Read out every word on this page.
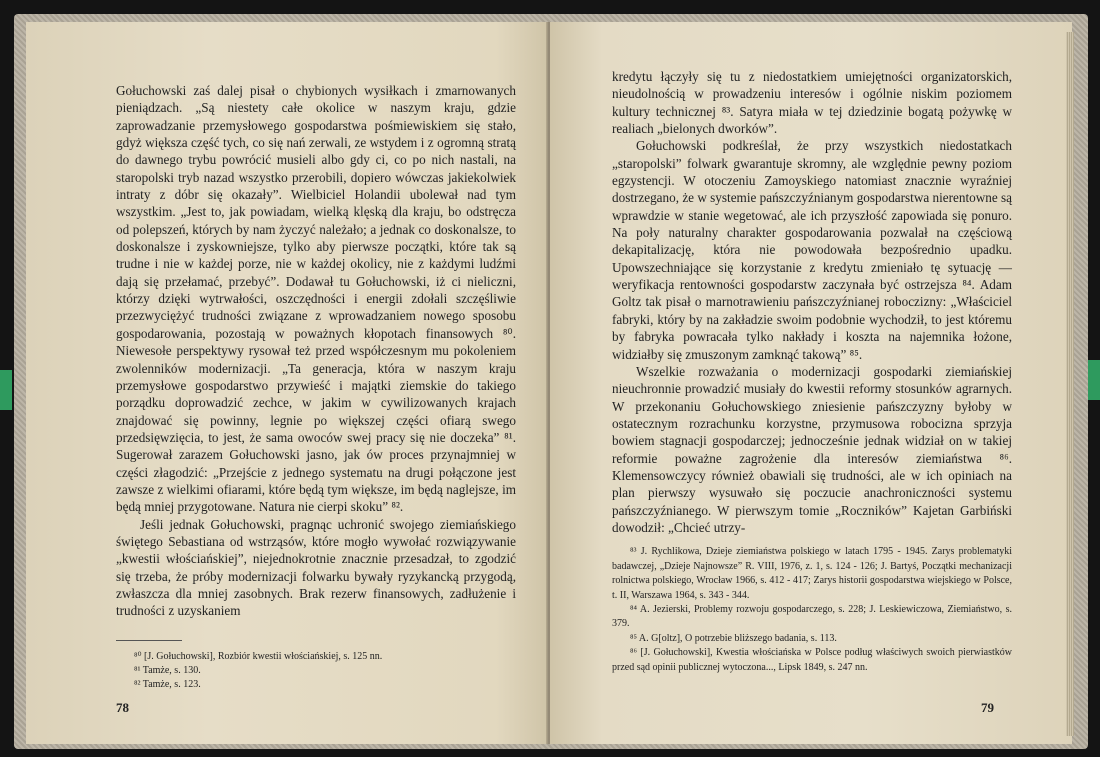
Gołuchowski zaś dalej pisał o chybionych wysiłkach i zmarnowanych pieniądzach. „Są niestety całe okolice w naszym kraju, gdzie zaprowadzanie przemysłowego gospodarstwa pośmiewiskiem się stało, gdyż większa część tych, co się nań zerwali, ze wstydem i z ogromną stratą do dawnego trybu powrócić musieli albo gdy ci, co po nich nastali, na staropolski tryb nazad wszystko przerobili, dopiero wówczas jakiekolwiek intraty z dóbr się okazały”. Wielbiciel Holandii ubolewał nad tym wszystkim. „Jest to, jak powiadam, wielką klęską dla kraju, bo odstręcza od polepszeń, których by nam życzyć należało; a jednak co doskonalsze, to doskonalsze i zyskowniejsze, tylko aby pierwsze początki, które tak są trudne i nie w każdej porze, nie w każdej okolicy, nie z każdymi ludźmi dają się przełamać, przebyć”. Dodawał tu Gołuchowski, iż ci nieliczni, którzy dzięki wytrwałości, oszczędności i energii zdołali szczęśliwie przezwyciężyć trudności związane z wprowadzaniem nowego sposobu gospodarowania, pozostają w poważnych kłopotach finansowych ⁸⁰. Niewesołe perspektywy rysował też przed współczesnym mu pokoleniem zwolenników modernizacji. „Ta generacja, która w naszym kraju przemysłowe gospodarstwo przywieść i majątki ziemskie do takiego porządku doprowadzić zechce, w jakim w cywilizowanych krajach znajdować się powinny, legnie po większej części ofiarą swego przedsięwzięcia, to jest, że sama owoców swej pracy się nie doczeka” ⁸¹. Sugerował zarazem Gołuchowski jasno, jak ów proces przynajmniej w części złagodzić: „Przejście z jednego systematu na drugi połączone jest zawsze z wielkimi ofiarami, które będą tym większe, im będą naglejsze, im będą mniej przygotowane. Natura nie cierpi skoku” ⁸².

Jeśli jednak Gołuchowski, pragnąc uchronić swojego ziemiańskiego świętego Sebastiana od wstrząsów, które mogło wywołać rozwiązywanie „kwestii włościańskiej”, niejednokrotnie znacznie przesadzał, to zgodzić się trzeba, że próby modernizacji folwarku bywały ryzykancką przygodą, zwłaszcza dla mniej zasobnych. Brak rezerw finansowych, zadłużenie i trudności z uzyskaniem

⁸⁰ [J. Gołuchowski], Rozbiór kwestii włościańskiej, s. 125 nn.

⁸¹ Tamże, s. 130.

⁸² Tamże, s. 123.

78

kredytu łączyły się tu z niedostatkiem umiejętności organizatorskich, nieudolnością w prowadzeniu interesów i ogólnie niskim poziomem kultury technicznej ⁸³. Satyra miała w tej dziedzinie bogatą pożywkę w realiach „bielonych dworków”.

Gołuchowski podkreślał, że przy wszystkich niedostatkach „staropolski” folwark gwarantuje skromny, ale względnie pewny poziom egzystencji. W otoczeniu Zamoyskiego natomiast znacznie wyraźniej dostrzegano, że w systemie pańszczyźnianym gospodarstwa nierentowne są wprawdzie w stanie wegetować, ale ich przyszłość zapowiada się ponuro. Na poły naturalny charakter gospodarowania pozwalał na częściową dekapitalizację, która nie powodowała bezpośrednio upadku. Upowszechniające się korzystanie z kredytu zmieniało tę sytuację — weryfikacja rentowności gospodarstw zaczynała być ostrzejsza ⁸⁴. Adam Goltz tak pisał o marnotrawieniu pańszczyźnianej roboczizny: „Właściciel fabryki, który by na zakładzie swoim podobnie wychodził, to jest któremu by fabryka powracała tylko nakłady i koszta na najemnika łożone, widziałby się zmuszonym zamknąć takową” ⁸⁵.

Wszelkie rozważania o modernizacji gospodarki ziemiańskiej nieuchronnie prowadzić musiały do kwestii reformy stosunków agrarnych. W przekonaniu Gołuchowskiego zniesienie pańszczyzny byłoby w ostatecznym rozrachunku korzystne, przymusowa robocizna sprzyja bowiem stagnacji gospodarczej; jednocześnie jednak widział on w takiej reformie poważne zagrożenie dla interesów ziemiaństwa ⁸⁶. Klemensowczycy również obawiali się trudności, ale w ich opiniach na plan pierwszy wysuwało się poczucie anachroniczności systemu pańszczyźnianego. W pierwszym tomie „Roczników” Kajetan Garbiński dowodził: „Chcieć utrzy-

⁸³ J. Rychlikowa, Dzieje ziemiaństwa polskiego w latach 1795 - 1945. Zarys problematyki badawczej, „Dzieje Najnowsze” R. VIII, 1976, z. 1, s. 124 - 126; J. Bartyś, Początki mechanizacji rolnictwa polskiego, Wrocław 1966, s. 412 - 417; Zarys historii gospodarstwa wiejskiego w Polsce, t. II, Warszawa 1964, s. 343 - 344.

⁸⁴ A. Jezierski, Problemy rozwoju gospodarczego, s. 228; J. Leskiewiczowa, Ziemiaństwo, s. 379.

⁸⁵ A. G[oltz], O potrzebie bliższego badania, s. 113.

⁸⁶ [J. Gołuchowski], Kwestia włościańska w Polsce podług właściwych swoich pierwiastków przed sąd opinii publicznej wytoczona..., Lipsk 1849, s. 247 nn.

79
